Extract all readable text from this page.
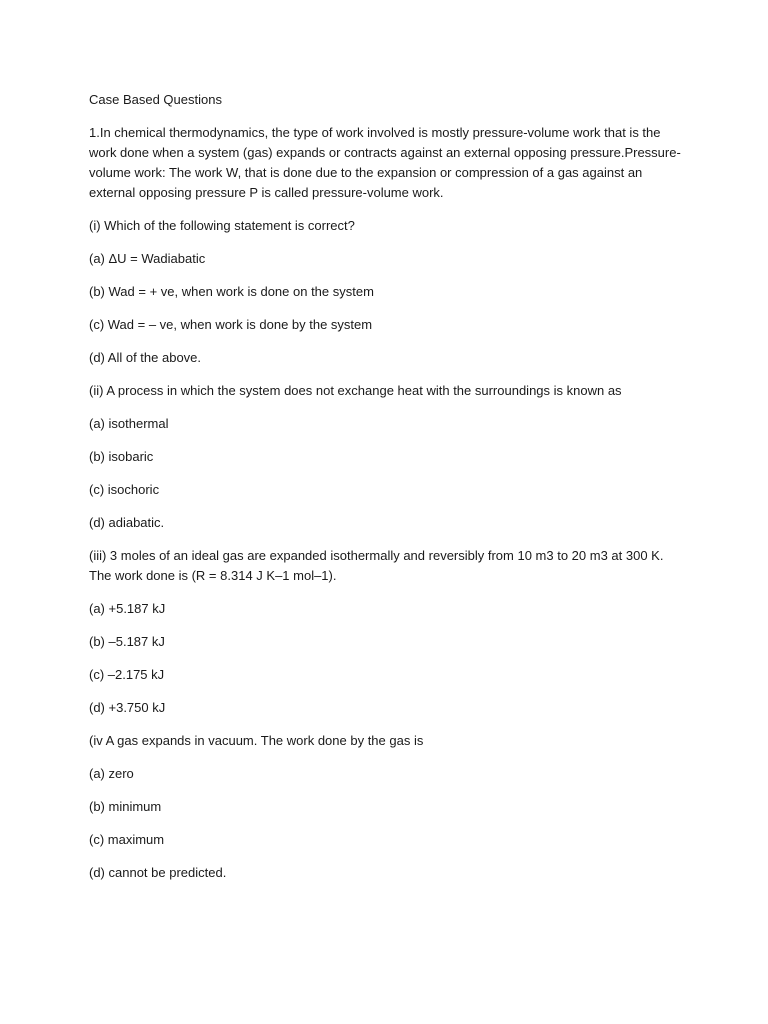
Case Based Questions

1.In chemical thermodynamics, the type of work involved is mostly pressure-volume work that is the work done when a system (gas) expands or contracts against an external opposing pressure.Pressure-volume work: The work W, that is done due to the expansion or compression of a gas against an external opposing pressure P is called pressure-volume work.

(i) Which of the following statement is correct?

(a) ΔU = Wadiabatic

(b) Wad = + ve, when work is done on the system

(c) Wad = – ve, when work is done by the system

(d) All of the above.

(ii) A process in which the system does not exchange heat with the surroundings is known as

(a) isothermal

(b) isobaric

(c) isochoric

(d) adiabatic.

(iii) 3 moles of an ideal gas are expanded isothermally and reversibly from 10 m3 to 20 m3 at 300 K. The work done is (R = 8.314 J K–1 mol–1).

(a) +5.187 kJ

(b) –5.187 kJ

(c) –2.175 kJ

(d) +3.750 kJ

(iv A gas expands in vacuum. The work done by the gas is

(a) zero

(b) minimum

(c) maximum

(d) cannot be predicted.
